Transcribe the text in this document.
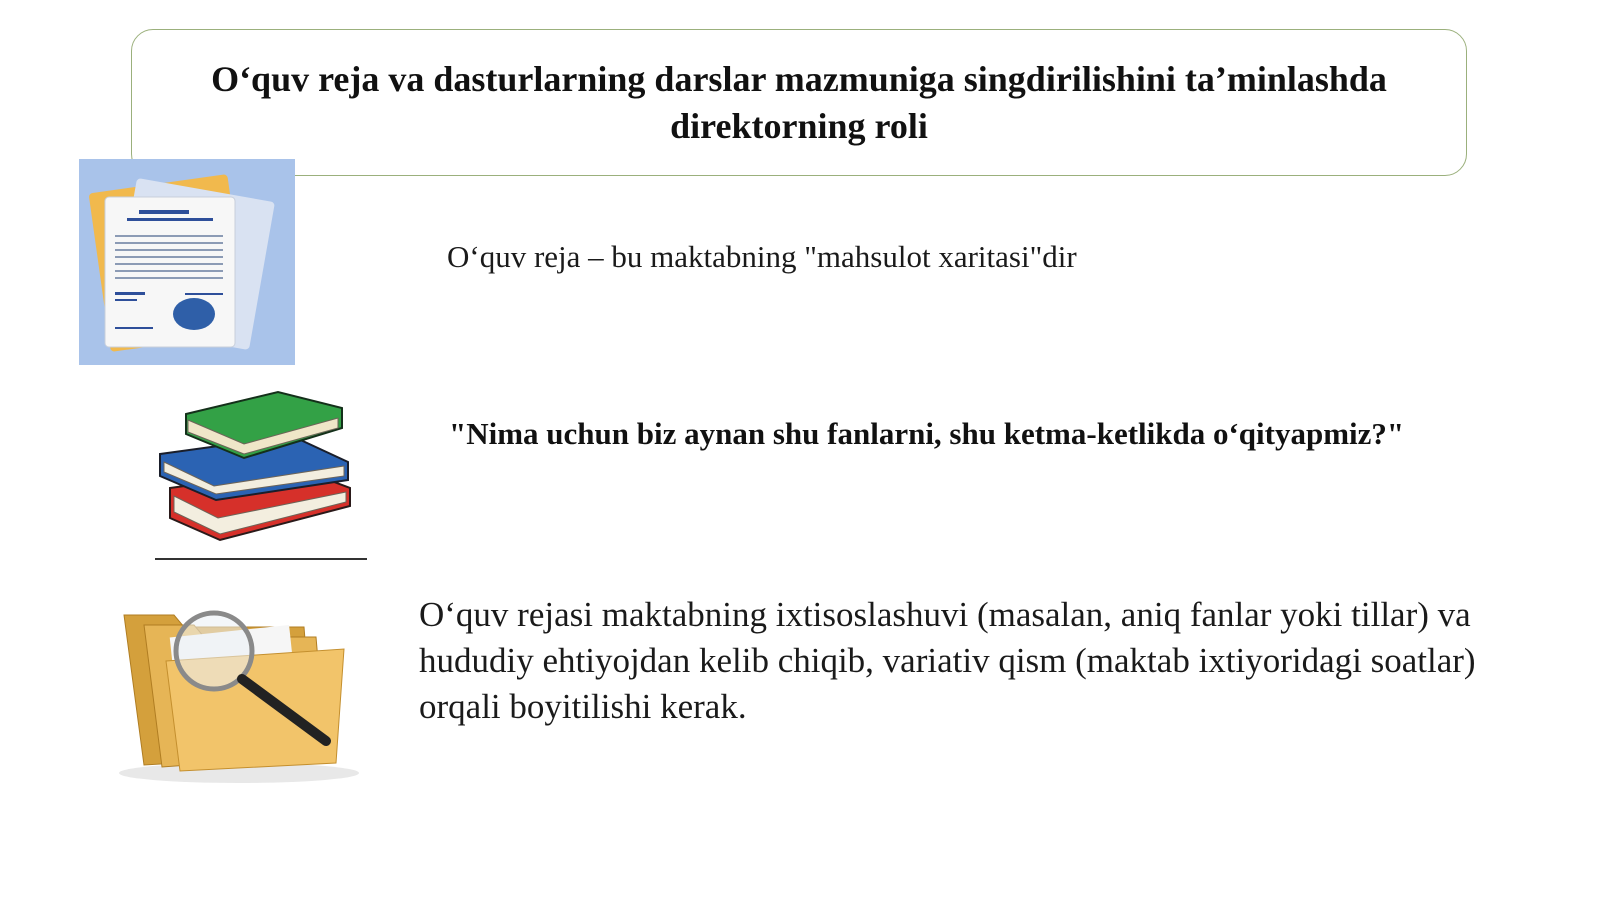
O‘quv reja va dasturlarning darslar mazmuniga singdirilishini ta’minlashda direktorning roli

O‘quv reja – bu maktabning "mahsulot xaritasi"dir

"Nima uchun biz aynan shu fanlarni, shu ketma-ketlikda o‘qityapmiz?"

O‘quv rejasi maktabning ixtisoslashuvi (masalan, aniq fanlar yoki tillar) va hududiy ehtiyojdan kelib chiqib, variativ qism (maktab ixtiyoridagi soatlar) orqali boyitilishi kerak.
